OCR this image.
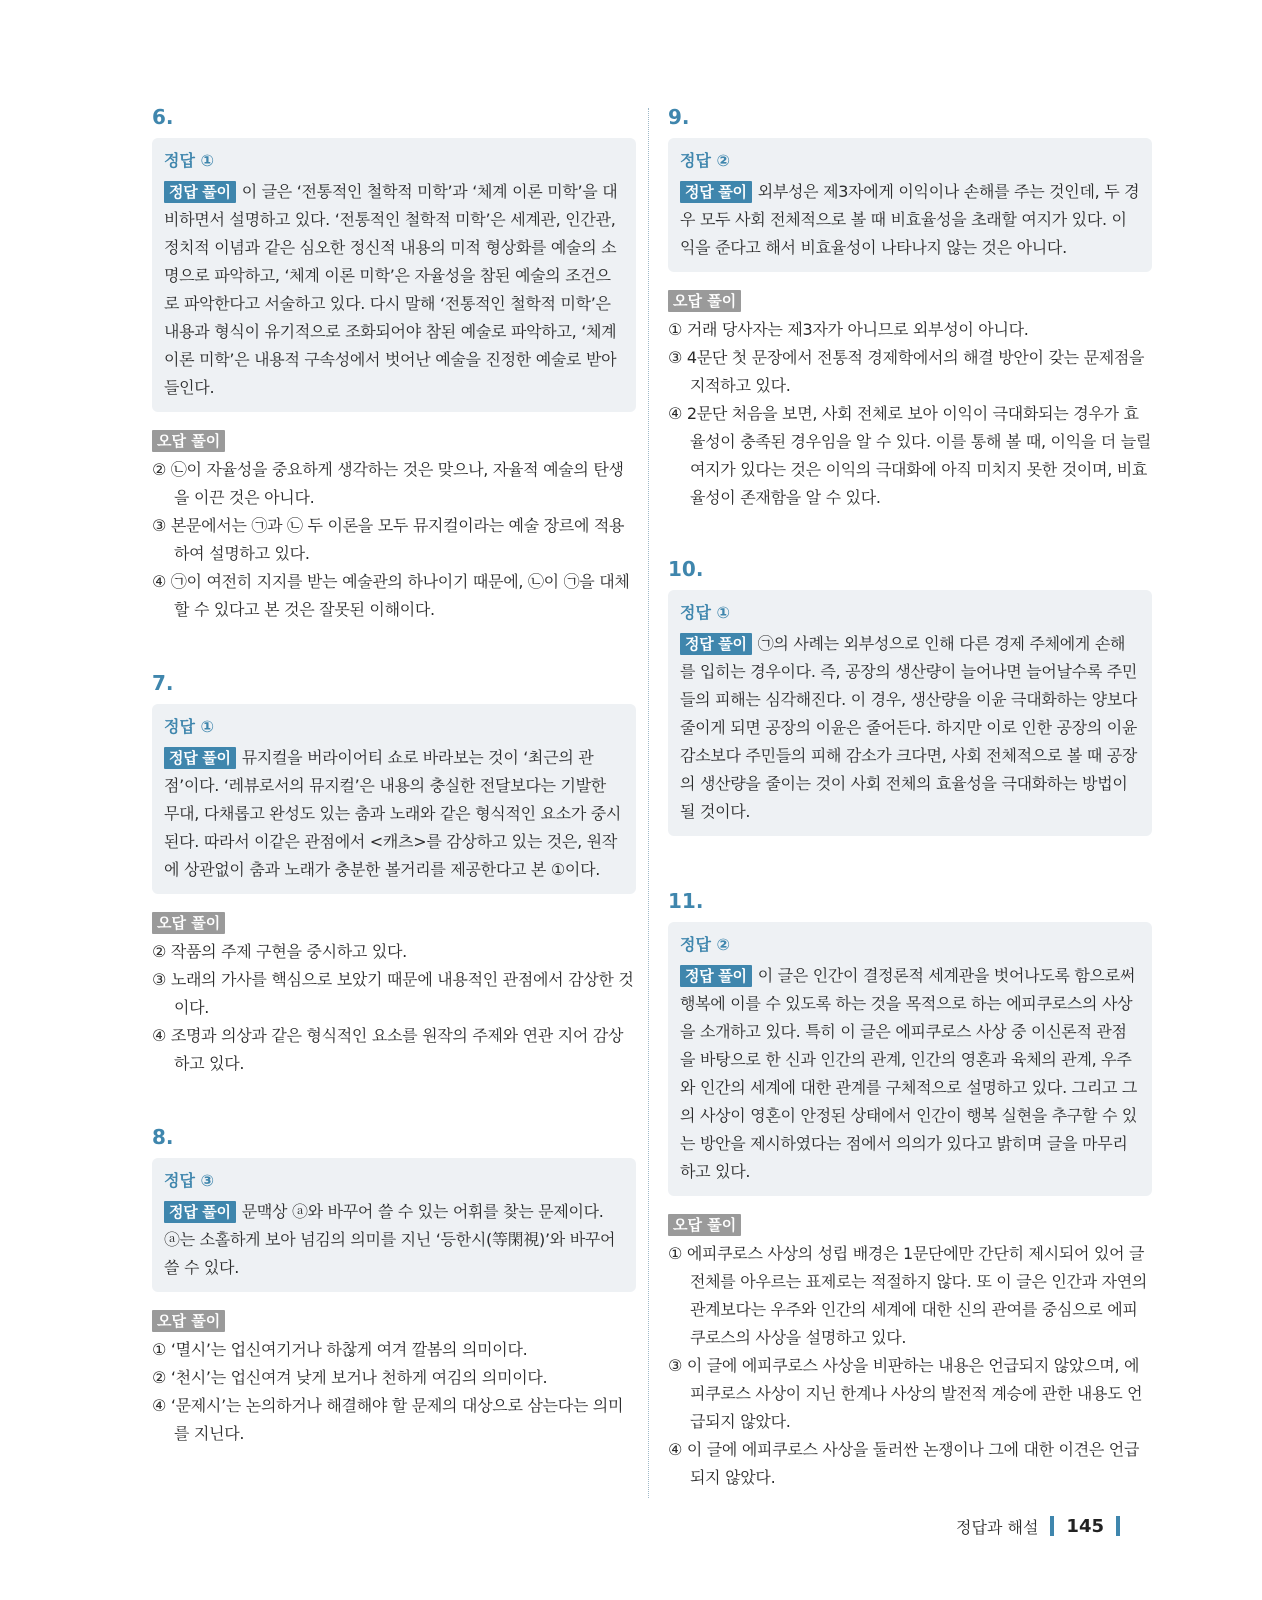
6.
정답 ①
정답 풀이 이 글은 ‘전통적인 철학적 미학’과 ‘체계 이론 미학’을 대비하면서 설명하고 있다. ‘전통적인 철학적 미학’은 세계관, 인간관, 정치적 이념과 같은 심오한 정신적 내용의 미적 형상화를 예술의 소명으로 파악하고, ‘체계 이론 미학’은 자율성을 참된 예술의 조건으로 파악한다고 서술하고 있다. 다시 말해 ‘전통적인 철학적 미학’은 내용과 형식이 유기적으로 조화되어야 참된 예술로 파악하고, ‘체계 이론 미학’은 내용적 구속성에서 벗어난 예술을 진정한 예술로 받아들인다.
오답 풀이
② ㉡이 자율성을 중요하게 생각하는 것은 맞으나, 자율적 예술의 탄생을 이끈 것은 아니다.
③ 본문에서는 ㉠과 ㉡ 두 이론을 모두 뮤지컬이라는 예술 장르에 적용하여 설명하고 있다.
④ ㉠이 여전히 지지를 받는 예술관의 하나이기 때문에, ㉡이 ㉠을 대체할 수 있다고 본 것은 잘못된 이해이다.
7.
정답 ①
정답 풀이 뮤지컬을 버라이어티 쇼로 바라보는 것이 ‘최근의 관점’이다. ‘레뷰로서의 뮤지컬’은 내용의 충실한 전달보다는 기발한 무대, 다채롭고 완성도 있는 춤과 노래와 같은 형식적인 요소가 중시된다. 따라서 이같은 관점에서 <캐츠>를 감상하고 있는 것은, 원작에 상관없이 춤과 노래가 충분한 볼거리를 제공한다고 본 ①이다.
오답 풀이
② 작품의 주제 구현을 중시하고 있다.
③ 노래의 가사를 핵심으로 보았기 때문에 내용적인 관점에서 감상한 것이다.
④ 조명과 의상과 같은 형식적인 요소를 원작의 주제와 연관 지어 감상하고 있다.
8.
정답 ③
정답 풀이 문맥상 ⓐ와 바꾸어 쓸 수 있는 어휘를 찾는 문제이다. ⓐ는 소홀하게 보아 넘김의 의미를 지닌 ‘등한시(等閑視)’와 바꾸어 쓸 수 있다.
오답 풀이
① ‘멸시’는 업신여기거나 하찮게 여겨 깔봄의 의미이다.
② ‘천시’는 업신여겨 낮게 보거나 천하게 여김의 의미이다.
④ ‘문제시’는 논의하거나 해결해야 할 문제의 대상으로 삼는다는 의미를 지닌다.
9.
정답 ②
정답 풀이 외부성은 제3자에게 이익이나 손해를 주는 것인데, 두 경우 모두 사회 전체적으로 볼 때 비효율성을 초래할 여지가 있다. 이익을 준다고 해서 비효율성이 나타나지 않는 것은 아니다.
오답 풀이
① 거래 당사자는 제3자가 아니므로 외부성이 아니다.
③ 4문단 첫 문장에서 전통적 경제학에서의 해결 방안이 갖는 문제점을 지적하고 있다.
④ 2문단 처음을 보면, 사회 전체로 보아 이익이 극대화되는 경우가 효율성이 충족된 경우임을 알 수 있다. 이를 통해 볼 때, 이익을 더 늘릴 여지가 있다는 것은 이익의 극대화에 아직 미치지 못한 것이며, 비효율성이 존재함을 알 수 있다.
10.
정답 ①
정답 풀이 ㉠의 사례는 외부성으로 인해 다른 경제 주체에게 손해를 입히는 경우이다. 즉, 공장의 생산량이 늘어나면 늘어날수록 주민들의 피해는 심각해진다. 이 경우, 생산량을 이윤 극대화하는 양보다 줄이게 되면 공장의 이윤은 줄어든다. 하지만 이로 인한 공장의 이윤 감소보다 주민들의 피해 감소가 크다면, 사회 전체적으로 볼 때 공장의 생산량을 줄이는 것이 사회 전체의 효율성을 극대화하는 방법이 될 것이다.
11.
정답 ②
정답 풀이 이 글은 인간이 결정론적 세계관을 벗어나도록 함으로써 행복에 이를 수 있도록 하는 것을 목적으로 하는 에피쿠로스의 사상을 소개하고 있다. 특히 이 글은 에피쿠로스 사상 중 이신론적 관점을 바탕으로 한 신과 인간의 관계, 인간의 영혼과 육체의 관계, 우주와 인간의 세계에 대한 관계를 구체적으로 설명하고 있다. 그리고 그의 사상이 영혼이 안정된 상태에서 인간이 행복 실현을 추구할 수 있는 방안을 제시하였다는 점에서 의의가 있다고 밝히며 글을 마무리하고 있다.
오답 풀이
① 에피쿠로스 사상의 성립 배경은 1문단에만 간단히 제시되어 있어 글 전체를 아우르는 표제로는 적절하지 않다. 또 이 글은 인간과 자연의 관계보다는 우주와 인간의 세계에 대한 신의 관여를 중심으로 에피쿠로스의 사상을 설명하고 있다.
③ 이 글에 에피쿠로스 사상을 비판하는 내용은 언급되지 않았으며, 에피쿠로스 사상이 지닌 한계나 사상의 발전적 계승에 관한 내용도 언급되지 않았다.
④ 이 글에 에피쿠로스 사상을 둘러싼 논쟁이나 그에 대한 이견은 언급되지 않았다.
정답과 해설 145
